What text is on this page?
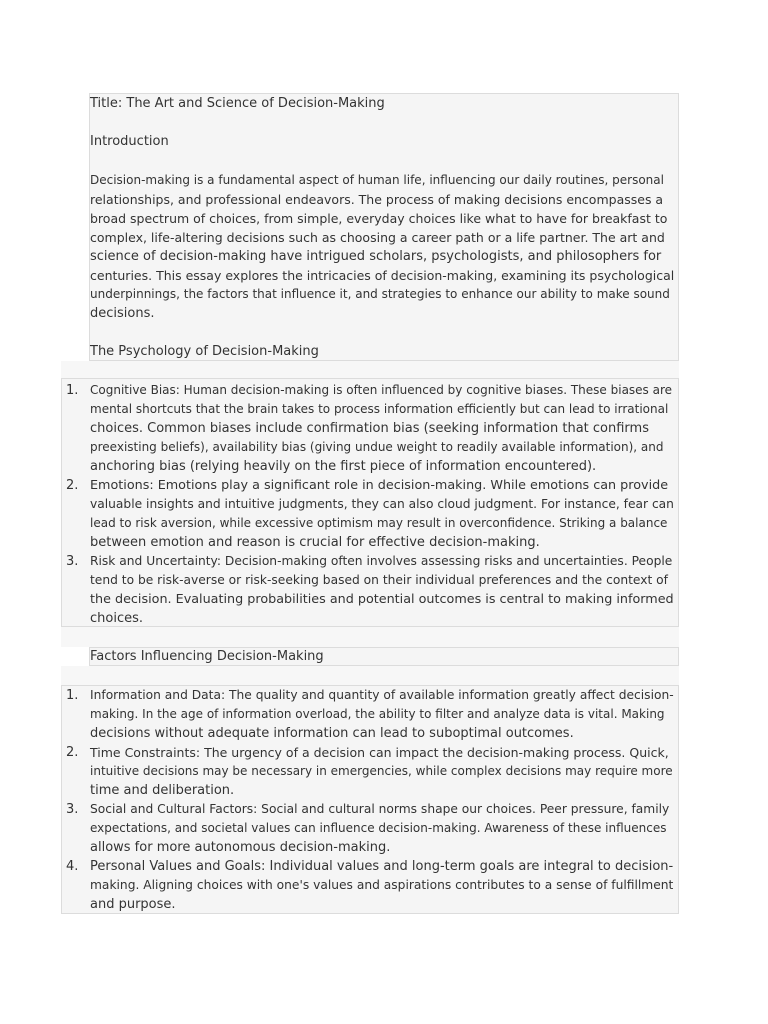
Title: The Art and Science of Decision-Making
Introduction
Decision-making is a fundamental aspect of human life, influencing our daily routines, personal
relationships, and professional endeavors. The process of making decisions encompasses a
broad spectrum of choices, from simple, everyday choices like what to have for breakfast to
complex, life-altering decisions such as choosing a career path or a life partner. The art and
science of decision-making have intrigued scholars, psychologists, and philosophers for
centuries. This essay explores the intricacies of decision-making, examining its psychological
underpinnings, the factors that influence it, and strategies to enhance our ability to make sound
decisions.
The Psychology of Decision-Making
1. Cognitive Bias: Human decision-making is often influenced by cognitive biases. These biases are
mental shortcuts that the brain takes to process information efficiently but can lead to irrational
choices. Common biases include confirmation bias (seeking information that confirms
preexisting beliefs), availability bias (giving undue weight to readily available information), and
anchoring bias (relying heavily on the first piece of information encountered).
2. Emotions: Emotions play a significant role in decision-making. While emotions can provide
valuable insights and intuitive judgments, they can also cloud judgment. For instance, fear can
lead to risk aversion, while excessive optimism may result in overconfidence. Striking a balance
between emotion and reason is crucial for effective decision-making.
3. Risk and Uncertainty: Decision-making often involves assessing risks and uncertainties. People
tend to be risk-averse or risk-seeking based on their individual preferences and the context of
the decision. Evaluating probabilities and potential outcomes is central to making informed
choices.
Factors Influencing Decision-Making
1. Information and Data: The quality and quantity of available information greatly affect decision-
making. In the age of information overload, the ability to filter and analyze data is vital. Making
decisions without adequate information can lead to suboptimal outcomes.
2. Time Constraints: The urgency of a decision can impact the decision-making process. Quick,
intuitive decisions may be necessary in emergencies, while complex decisions may require more
time and deliberation.
3. Social and Cultural Factors: Social and cultural norms shape our choices. Peer pressure, family
expectations, and societal values can influence decision-making. Awareness of these influences
allows for more autonomous decision-making.
4. Personal Values and Goals: Individual values and long-term goals are integral to decision-
making. Aligning choices with one's values and aspirations contributes to a sense of fulfillment
and purpose.
